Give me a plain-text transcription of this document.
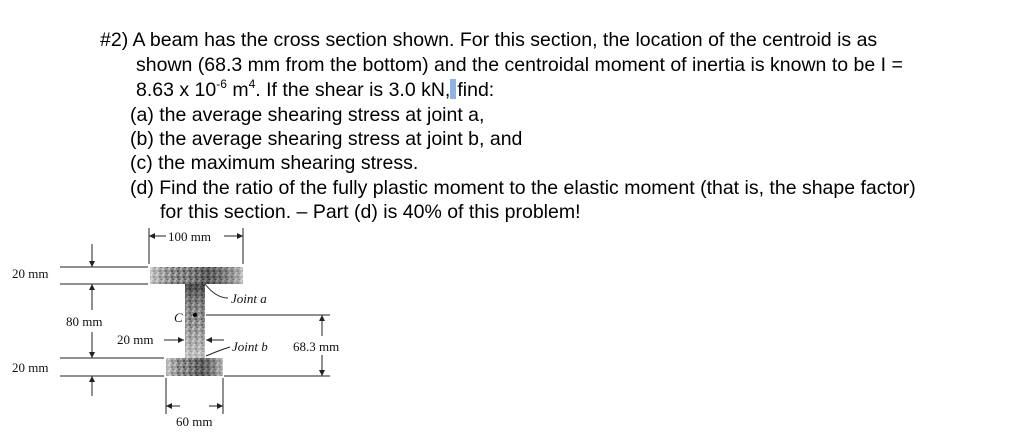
#2) A beam has the cross section shown. For this section, the location of the centroid is as

shown (68.3 mm from the bottom) and the centroidal moment of inertia is known to be I =

8.63 x $10^{-6}$ $m^4$. If the shear is 3.0 kN, find:

(a) the average shearing stress at joint a,

(b) the average shearing stress at joint b, and

(c) the maximum shearing stress.

(d) Find the ratio of the fully plastic moment to the elastic moment (that is, the shape factor)

for this section. – Part (d) is 40% of this problem!

100 mm
20 mm
80 mm
20 mm
20 mm
C
Joint a
Joint b 68.3 mm
60 mm
